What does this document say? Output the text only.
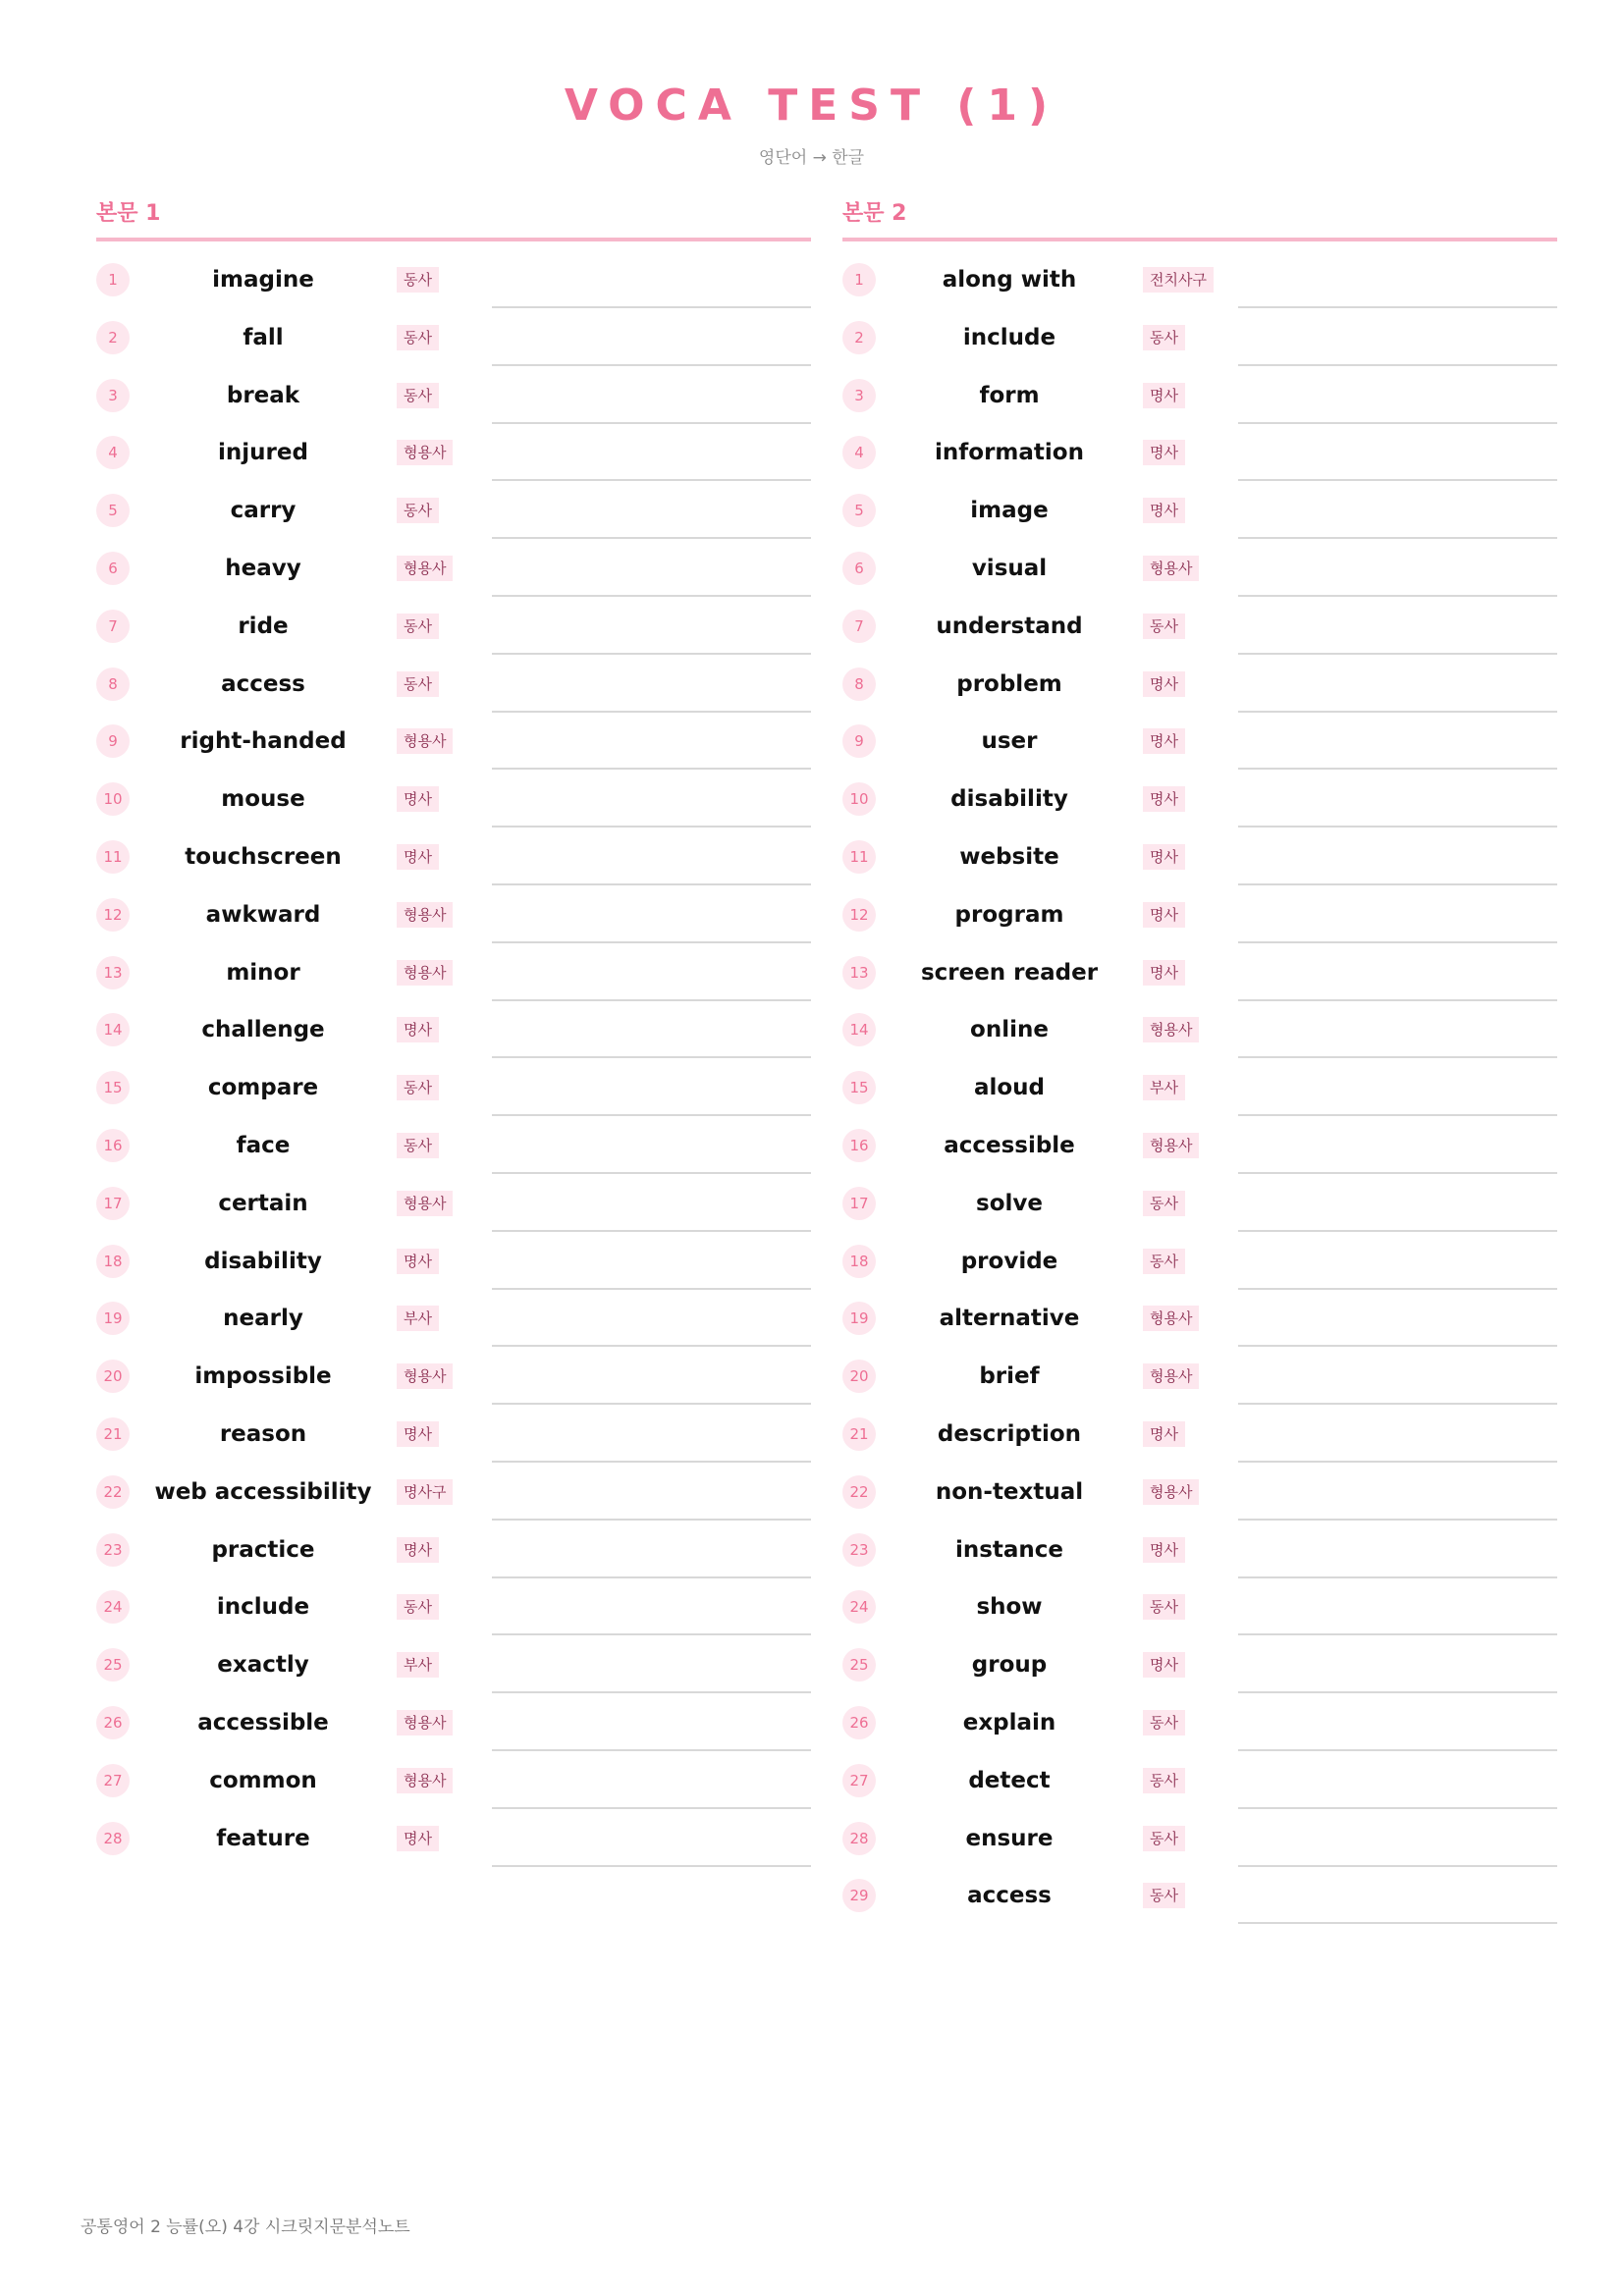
VOCA TEST (1)
영단어 → 한글
본문 1
1	imagine	동사
2	fall	동사
3	break	동사
4	injured	형용사
5	carry	동사
6	heavy	형용사
7	ride	동사
8	access	동사
9	right-handed	형용사
10	mouse	명사
11	touchscreen	명사
12	awkward	형용사
13	minor	형용사
14	challenge	명사
15	compare	동사
16	face	동사
17	certain	형용사
18	disability	명사
19	nearly	부사
20	impossible	형용사
21	reason	명사
22	web accessibility	명사구
23	practice	명사
24	include	동사
25	exactly	부사
26	accessible	형용사
27	common	형용사
28	feature	명사
본문 2
1	along with	전치사구
2	include	동사
3	form	명사
4	information	명사
5	image	명사
6	visual	형용사
7	understand	동사
8	problem	명사
9	user	명사
10	disability	명사
11	website	명사
12	program	명사
13	screen reader	명사
14	online	형용사
15	aloud	부사
16	accessible	형용사
17	solve	동사
18	provide	동사
19	alternative	형용사
20	brief	형용사
21	description	명사
22	non-textual	형용사
23	instance	명사
24	show	동사
25	group	명사
26	explain	동사
27	detect	동사
28	ensure	동사
29	access	동사
공통영어 2 능률(오) 4강 시크릿지문분석노트
